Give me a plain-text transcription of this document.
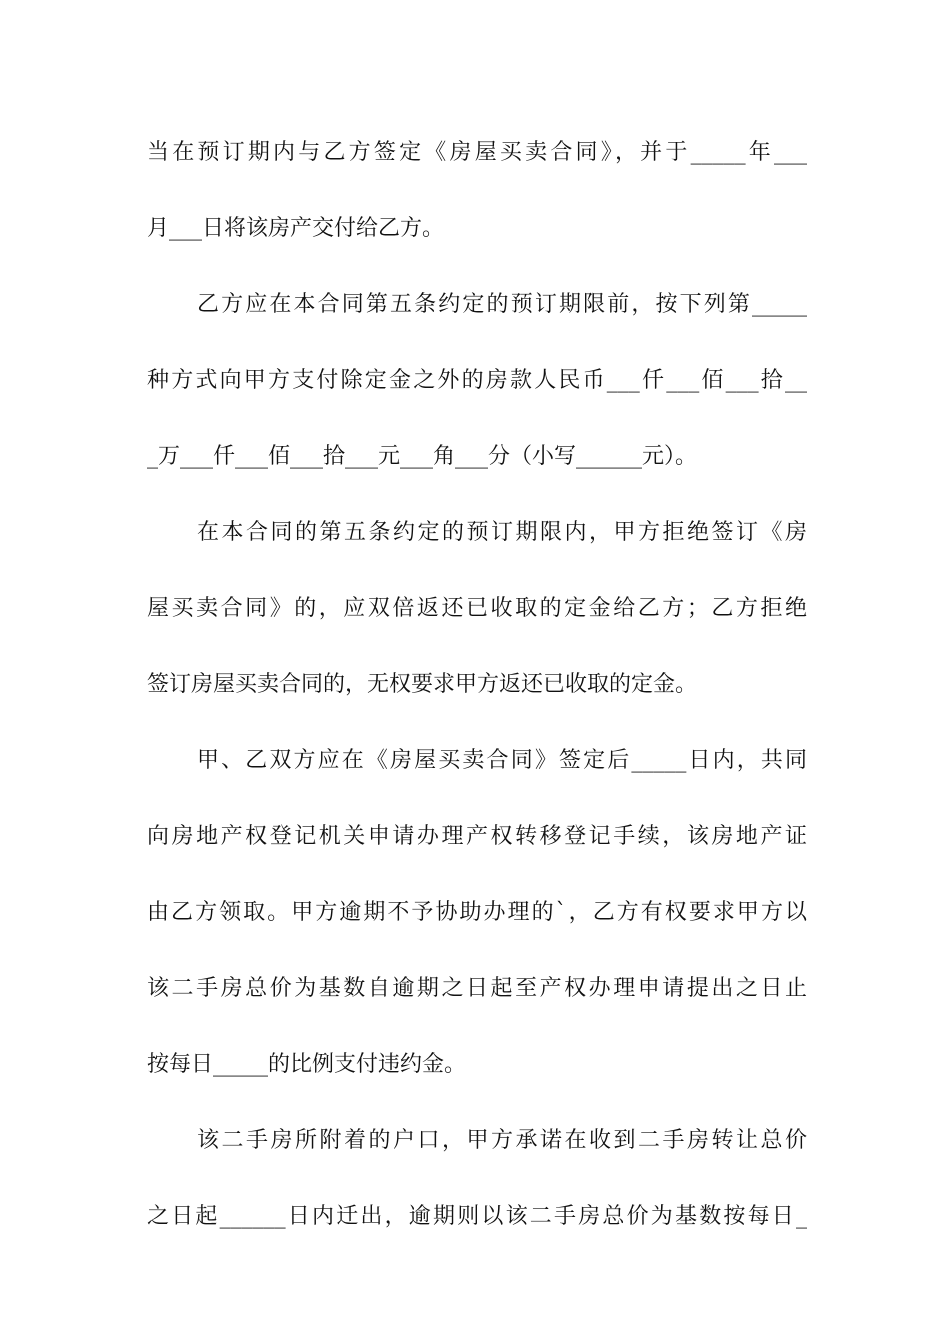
当在预订期内与乙方签定《房屋买卖合同》，并于_____年___
月___日将该房产交付给乙方。
乙方应在本合同第五条约定的预订期限前，按下列第_____
种方式向甲方支付除定金之外的房款人民币___仟___佰___拾__
_万___仟___佰___拾___元___角___分（小写______元）。
在本合同的第五条约定的预订期限内，甲方拒绝签订《房
屋买卖合同》的，应双倍返还已收取的定金给乙方；乙方拒绝
签订房屋买卖合同的，无权要求甲方返还已收取的定金。
甲、乙双方应在《房屋买卖合同》签定后_____日内，共同
向房地产权登记机关申请办理产权转移登记手续，该房地产证
由乙方领取。甲方逾期不予协助办理的`，乙方有权要求甲方以
该二手房总价为基数自逾期之日起至产权办理申请提出之日止
按每日_____的比例支付违约金。
该二手房所附着的户口，甲方承诺在收到二手房转让总价
之日起______日内迁出，逾期则以该二手房总价为基数按每日_
